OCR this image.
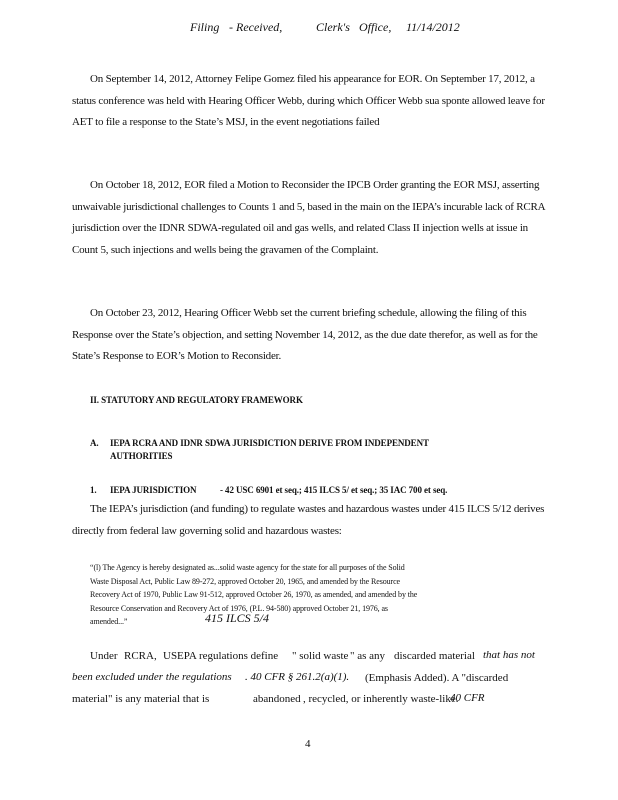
Filing - Received,	Clerk's Office, 11/14/2012
On September 14, 2012, Attorney Felipe Gomez filed his appearance for EOR. On September 17, 2012, a status conference was held with Hearing Officer Webb, during which Officer Webb sua sponte allowed leave for AET to file a response to the State’s MSJ, in the event negotiations failed
On October 18, 2012, EOR filed a Motion to Reconsider the IPCB Order granting the EOR MSJ, asserting unwaivable jurisdictional challenges to Counts 1 and 5, based in the main on the IEPA’s incurable lack of RCRA jurisdiction over the IDNR SDWA-regulated oil and gas wells, and related Class II injection wells at issue in Count 5, such injections and wells being the gravamen of the Complaint.
On October 23, 2012, Hearing Officer Webb set the current briefing schedule, allowing the filing of this Response over the State’s objection, and setting November 14, 2012, as the due date therefor, as well as for the State’s Response to EOR’s Motion to Reconsider.
II. STATUTORY AND REGULATORY FRAMEWORK
A. IEPA RCRA AND IDNR SDWA JURISDICTION DERIVE FROM INDEPENDENT
AUTHORITIES
1. IEPA JURISDICTION	- 42 USC 6901 et seq.; 415 ILCS 5/ et seq.; 35 IAC 700 et seq.
The IEPA’s jurisdiction (and funding) to regulate wastes and hazardous wastes under 415 ILCS 5/12 derives directly from federal law governing solid and hazardous wastes:
“(l) The Agency is hereby designated as...solid waste agency for the state for all purposes of the Solid Waste Disposal Act, Public Law 89-272, approved October 20, 1965, and amended by the Resource Recovery Act of 1970, Public Law 91-512, approved October 26, 1970, as amended, and amended by the Resource Conservation and Recovery Act of 1976, (P.L. 94-580) approved October 21, 1976, as amended...”	415 ILCS 5/4
Under RCRA, USEPA regulations define " solid waste " as any discarded material that has not
been excluded under the regulations . 40 CFR § 261.2(a)(1). (Emphasis Added). A "discarded
material " is any material that is	abandoned , recycled, or inherently waste-like.
40 CFR
4
